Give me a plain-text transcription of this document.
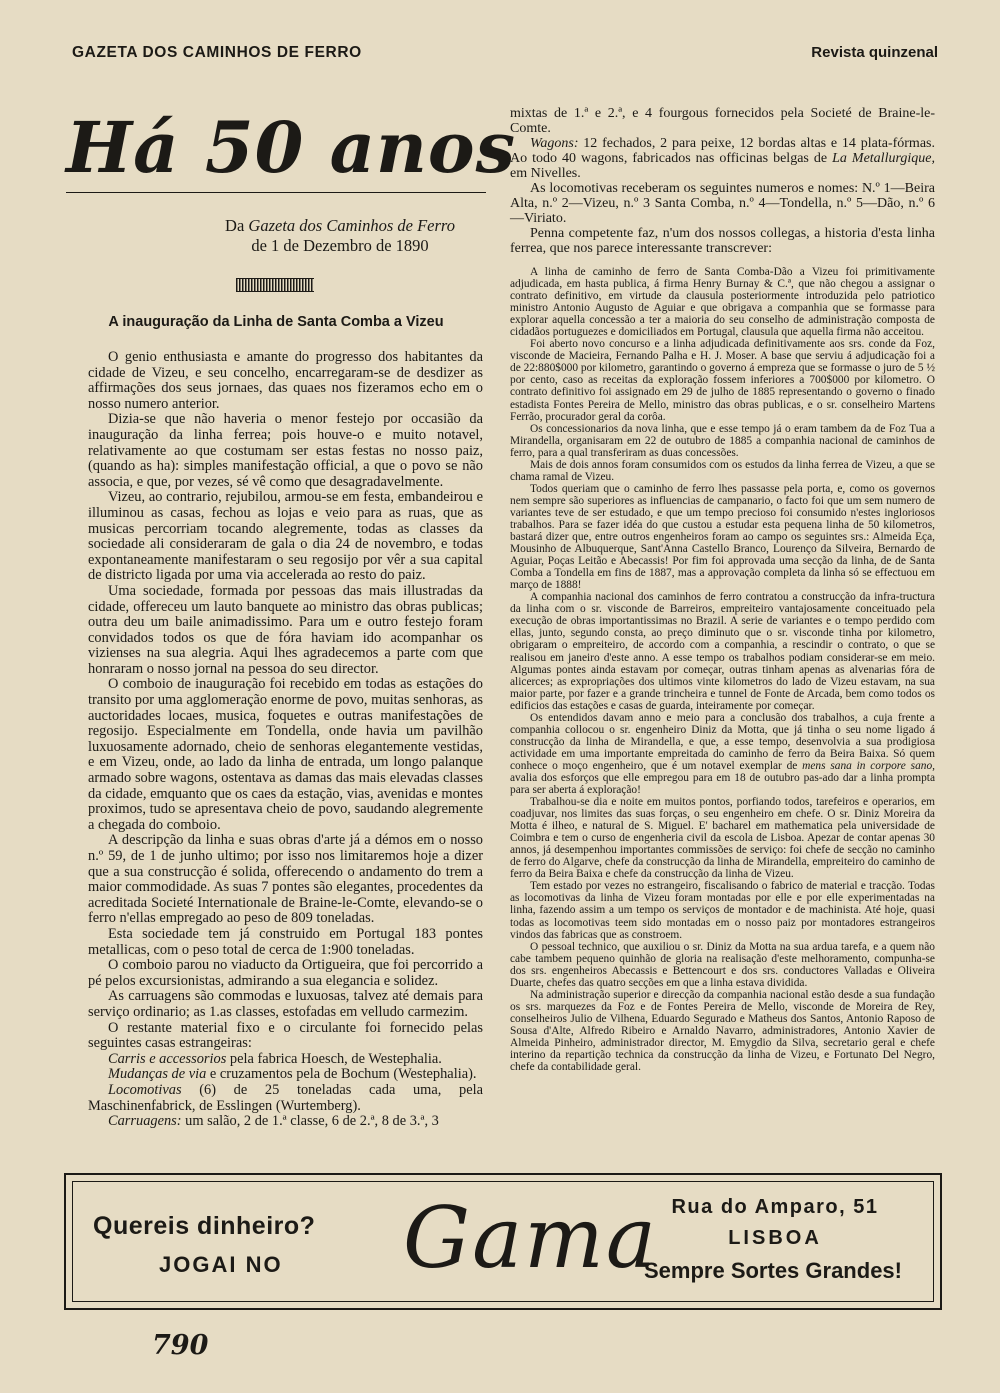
GAZETA DOS CAMINHOS DE FERRO	Revista quinzenal
Há 50 anos
Da Gazeta dos Caminhos de Ferro
de 1 de Dezembro de 1890
A inauguração da Linha de Santa Comba a Vizeu

O genio enthusiasta e amante do progresso dos habitantes da cidade de Vizeu, e seu concelho, encarregaram-se de desdizer as affirmações dos seus jornaes, das quaes nos fizeramos echo em o nosso numero anterior.

Dizia-se que não haveria o menor festejo por occasião da inauguração da linha ferrea; pois houve-o e muito notavel, relativamente ao que costumam ser estas festas no nosso paiz, (quando as ha): simples manifestação official, a que o povo se não associa, e que, por vezes, sé vê como que desagradavelmente.

Vizeu, ao contrario, rejubilou, armou-se em festa, embandeirou e illuminou as casas, fechou as lojas e veio para as ruas, que as musicas percorriam tocando alegremente, todas as classes da sociedade ali consideraram de gala o dia 24 de novembro, e todas expontaneamente manifestaram o seu regosijo por vêr a sua capital de districto ligada por uma via accelerada ao resto do paiz.

Uma sociedade, formada por pessoas das mais illustradas da cidade, offereceu um lauto banquete ao ministro das obras publicas; outra deu um baile animadissimo. Para um e outro festejo foram convidados todos os que de fóra haviam ido acompanhar os vizienses na sua alegria. Aqui lhes agradecemos a parte com que honraram o nosso jornal na pessoa do seu director.

O comboio de inauguração foi recebido em todas as estações do transito por uma agglomeração enorme de povo, muitas senhoras, as auctoridades locaes, musica, foquetes e outras manifestações de regosijo. Especialmente em Tondella, onde havia um pavilhão luxuosamente adornado, cheio de senhoras elegantemente vestidas, e em Vizeu, onde, ao lado da linha de entrada, um longo palanque armado sobre wagons, ostentava as damas das mais elevadas classes da cidade, emquanto que os caes da estação, vias, avenidas e montes proximos, tudo se apresentava cheio de povo, saudando alegremente a chegada do comboio.

A descripção da linha e suas obras d'arte já a démos em o nosso n.º 59, de 1 de junho ultimo; por isso nos limitaremos hoje a dizer que a sua construcção é solida, offerecendo o andamento do trem a maior commodidade. As suas 7 pontes são elegantes, procedentes da acreditada Societé Internationale de Braine-le-Comte, elevando-se o ferro n'ellas empregado ao peso de 809 toneladas.

Esta sociedade tem já construido em Portugal 183 pontes metallicas, com o peso total de cerca de 1:900 toneladas.

O comboio parou no viaducto da Ortigueira, que foi percorrido a pé pelos excursionistas, admirando a sua elegancia e solidez.

As carruagens são commodas e luxuosas, talvez até demais para serviço ordinario; as 1.as classes, estofadas em velludo carmezim.

O restante material fixo e o circulante foi fornecido pelas seguintes casas estrangeiras:

Carris e accessorios pela fabrica Hoesch, de Westephalia.

Mudanças de via e cruzamentos pela de Bochum (Westephalia).

Locomotivas (6) de 25 toneladas cada uma, pela Maschinenfabrick, de Esslingen (Wurtemberg).

Carruagens: um salão, 2 de 1.ª classe, 6 de 2.ª, 8 de 3.ª, 3

mixtas de 1.ª e 2.ª, e 4 fourgous fornecidos pela Societé de Braine-le-Comte.

Wagons: 12 fechados, 2 para peixe, 12 bordas altas e 14 plata-fórmas. Ao todo 40 wagons, fabricados nas officinas belgas de La Metallurgique, em Nivelles.

As locomotivas receberam os seguintes numeros e nomes: N.º 1—Beira Alta, n.º 2—Vizeu, n.º 3 Santa Comba, n.º 4—Tondella, n.º 5—Dão, n.º 6—Viriato.

Penna competente faz, n'um dos nossos collegas, a historia d'esta linha ferrea, que nos parece interessante transcrever:

A linha de caminho de ferro de Santa Comba-Dão a Vizeu foi primitivamente adjudicada, em hasta publica, á firma Henry Burnay & C.ª, que não chegou a assignar o contrato definitivo, em virtude da clausula posteriormente introduzida pelo patriotico ministro Antonio Augusto de Aguiar e que obrigava a companhia que se formasse para explorar aquella concessão a ter a maioria do seu conselho de administração composta de cidadãos portuguezes e domiciliados em Portugal, clausula que aquella firma não acceitou.

Foi aberto novo concurso e a linha adjudicada definitivamente aos srs. conde da Foz, visconde de Macieira, Fernando Palha e H. J. Moser. A base que serviu á adjudicação foi a de 22:880$000 por kilometro, garantindo o governo á empreza que se formasse o juro de 5 ½ por cento, caso as receitas da exploração fossem inferiores a 700$000 por kilometro. O contrato definitivo foi assignado em 29 de julho de 1885 representando o governo o finado estadista Fontes Pereira de Mello, ministro das obras publicas, e o sr. conselheiro Martens Ferrão, procurador geral da corôa.

Os concessionarios da nova linha, que e esse tempo já o eram tambem da de Foz Tua a Mirandella, organisaram em 22 de outubro de 1885 a companhia nacional de caminhos de ferro, para a qual transferiram as duas concessões.

Mais de dois annos foram consumidos com os estudos da linha ferrea de Vizeu, a que se chama ramal de Vizeu.

Todos queriam que o caminho de ferro lhes passasse pela porta, e, como os governos nem sempre são superiores as influencias de campanario, o facto foi que um sem numero de variantes teve de ser estudado, e que um tempo precioso foi consumido n'estes ingloriosos trabalhos. Para se fazer idéa do que custou a estudar esta pequena linha de 50 kilometros, bastará dizer que, entre outros engenheiros foram ao campo os seguintes srs.: Almeida Eça, Mousinho de Albuquerque, Sant'Anna Castello Branco, Lourenço da Silveira, Bernardo de Aguiar, Poças Leitão e Abecassis! Por fim foi approvada uma secção da linha, de de Santa Comba a Tondella em fins de 1887, mas a approvação completa da linha só se effectuou em março de 1888!

A companhia nacional dos caminhos de ferro contratou a construcção da infra-tructura da linha com o sr. visconde de Barreiros, empreiteiro vantajosamente conceituado pela execução de obras importantissimas no Brazil. A serie de variantes e o tempo perdido com ellas, junto, segundo consta, ao preço diminuto que o sr. visconde tinha por kilometro, obrigaram o empreiteiro, de accordo com a companhia, a rescindir o contrato, o que se realisou em janeiro d'este anno. A esse tempo os trabalhos podiam considerar-se em meio. Algumas pontes ainda estavam por começar, outras tinham apenas as alvenarias fóra de alicerces; as expropriações dos ultimos vinte kilometros do lado de Vizeu estavam, na sua maior parte, por fazer e a grande trincheira e tunnel de Fonte de Arcada, bem como todos os edificios das estações e casas de guarda, inteiramente por começar.

Os entendidos davam anno e meio para a conclusão dos trabalhos, a cuja frente a companhia collocou o sr. engenheiro Diniz da Motta, que já tinha o seu nome ligado á construcção da linha de Mirandella, e que, a esse tempo, desenvolvia a sua prodigiosa actividade em uma importante empreitada do caminho de ferro da Beira Baixa. Só quem conhece o moço engenheiro, que é um notavel exemplar de mens sana in corpore sano, avalia dos esforços que elle empregou para em 18 de outubro pas-ado dar a linha prompta para ser aberta á exploração!

Trabalhou-se dia e noite em muitos pontos, porfiando todos, tarefeiros e operarios, em coadjuvar, nos limites das suas forças, o seu engenheiro em chefe. O sr. Diniz Moreira da Motta é ilheo, e natural de S. Miguel. E' bacharel em mathematica pela universidade de Coimbra e tem o curso de engenheria civil da escola de Lisboa. Apezar de contar apenas 30 annos, já desempenhou importantes commissões de serviço: foi chefe de secção no caminho de ferro do Algarve, chefe da construcção da linha de Mirandella, empreiteiro do caminho de ferro da Beira Baixa e chefe da construcção da linha de Vizeu.

Tem estado por vezes no estrangeiro, fiscalisando o fabrico de material e tracção. Todas as locomotivas da linha de Vizeu foram montadas por elle e por elle experimentadas na linha, fazendo assim a um tempo os serviços de montador e de machinista. Até hoje, quasi todas as locomotivas teem sido montadas em o nosso paiz por montadores estrangeiros vindos das fabricas que as constroem.

O pessoal technico, que auxiliou o sr. Diniz da Motta na sua ardua tarefa, e a quem não cabe tambem pequeno quinhão de gloria na realisação d'este melhoramento, compunha-se dos srs. engenheiros Abecassis e Bettencourt e dos srs. conductores Valladas e Oliveira Duarte, chefes das quatro secções em que a linha estava dividida.

Na administração superior e direcção da companhia nacional estão desde a sua fundação os srs. marquezes da Foz e de Fontes Pereira de Mello, visconde de Moreira de Rey, conselheiros Julio de Vilhena, Eduardo Segurado e Matheus dos Santos, Antonio Raposo de Sousa d'Alte, Alfredo Ribeiro e Arnaldo Navarro, administradores, Antonio Xavier de Almeida Pinheiro, administrador director, M. Emygdio da Silva, secretario geral e chefe interino da repartição technica da construcção da linha de Vizeu, e Fortunato Del Negro, chefe da contabilidade geral.

Quereis dinheiro?
JOGAI NO Gama Rua do Amparo, 51
LISBOA
Sempre Sortes Grandes!
790
